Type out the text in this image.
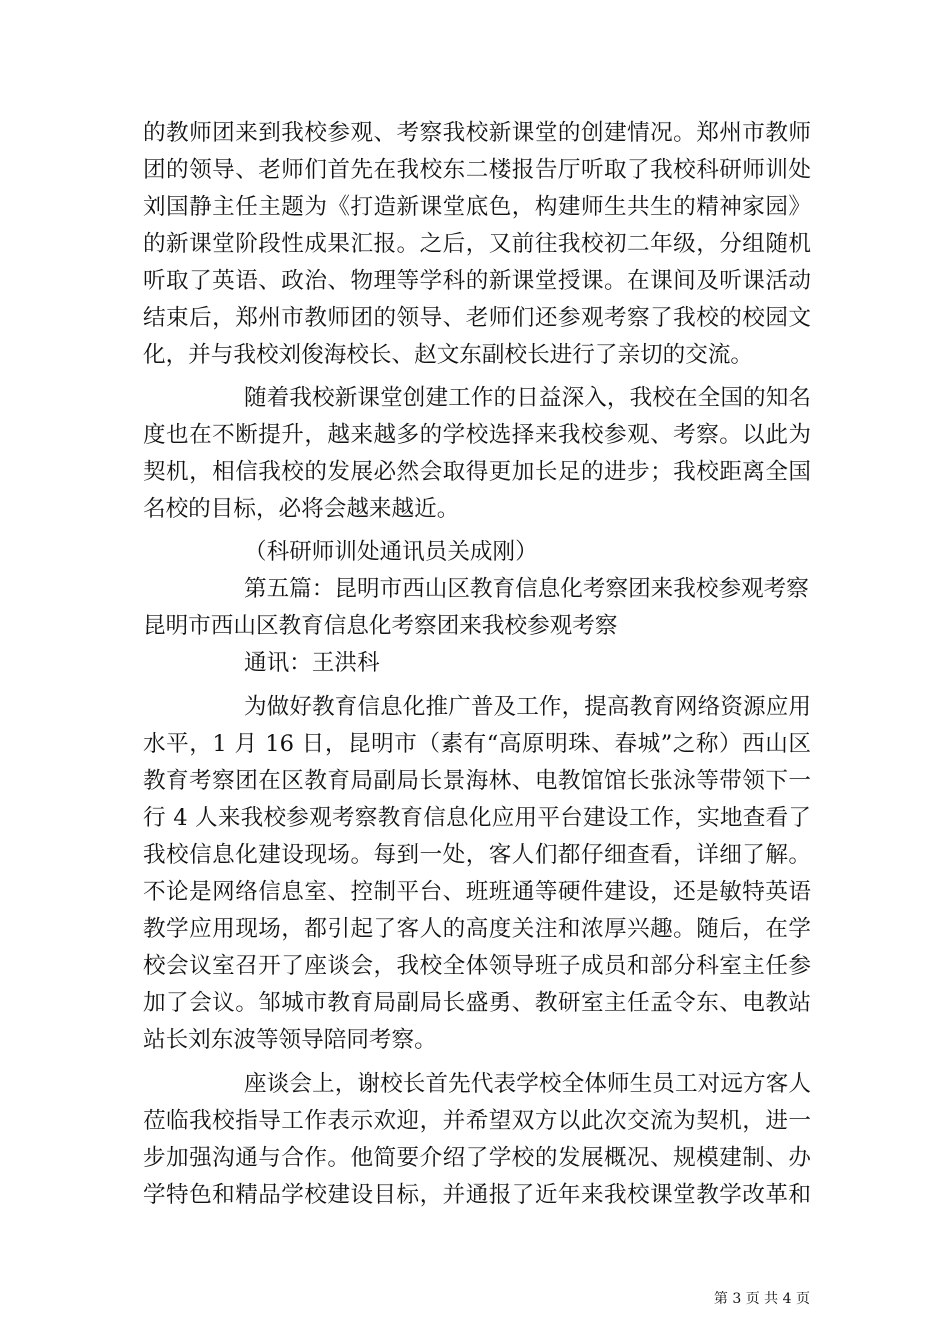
的教师团来到我校参观、考察我校新课堂的创建情况。郑州市教师
团的领导、老师们首先在我校东二楼报告厅听取了我校科研师训处
刘国静主任主题为《打造新课堂底色，构建师生共生的精神家园》
的新课堂阶段性成果汇报。之后，又前往我校初二年级，分组随机
听取了英语、政治、物理等学科的新课堂授课。在课间及听课活动
结束后，郑州市教师团的领导、老师们还参观考察了我校的校园文
化，并与我校刘俊海校长、赵文东副校长进行了亲切的交流。
随着我校新课堂创建工作的日益深入，我校在全国的知名
度也在不断提升，越来越多的学校选择来我校参观、考察。以此为
契机，相信我校的发展必然会取得更加长足的进步；我校距离全国
名校的目标，必将会越来越近。
（科研师训处通讯员关成刚）
第五篇：昆明市西山区教育信息化考察团来我校参观考察
昆明市西山区教育信息化考察团来我校参观考察
通讯：王洪科
为做好教育信息化推广普及工作，提高教育网络资源应用
水平，1 月 16 日，昆明市（素有“高原明珠、春城”之称）西山区
教育考察团在区教育局副局长景海林、电教馆馆长张泳等带领下一
行 4 人来我校参观考察教育信息化应用平台建设工作，实地查看了
我校信息化建设现场。每到一处，客人们都仔细查看，详细了解。
不论是网络信息室、控制平台、班班通等硬件建设，还是敏特英语
教学应用现场，都引起了客人的高度关注和浓厚兴趣。随后，在学
校会议室召开了座谈会，我校全体领导班子成员和部分科室主任参
加了会议。邹城市教育局副局长盛勇、教研室主任孟令东、电教站
站长刘东波等领导陪同考察。
座谈会上，谢校长首先代表学校全体师生员工对远方客人
莅临我校指导工作表示欢迎，并希望双方以此次交流为契机，进一
步加强沟通与合作。他简要介绍了学校的发展概况、规模建制、办
学特色和精品学校建设目标，并通报了近年来我校课堂教学改革和
第 3 页 共 4 页
